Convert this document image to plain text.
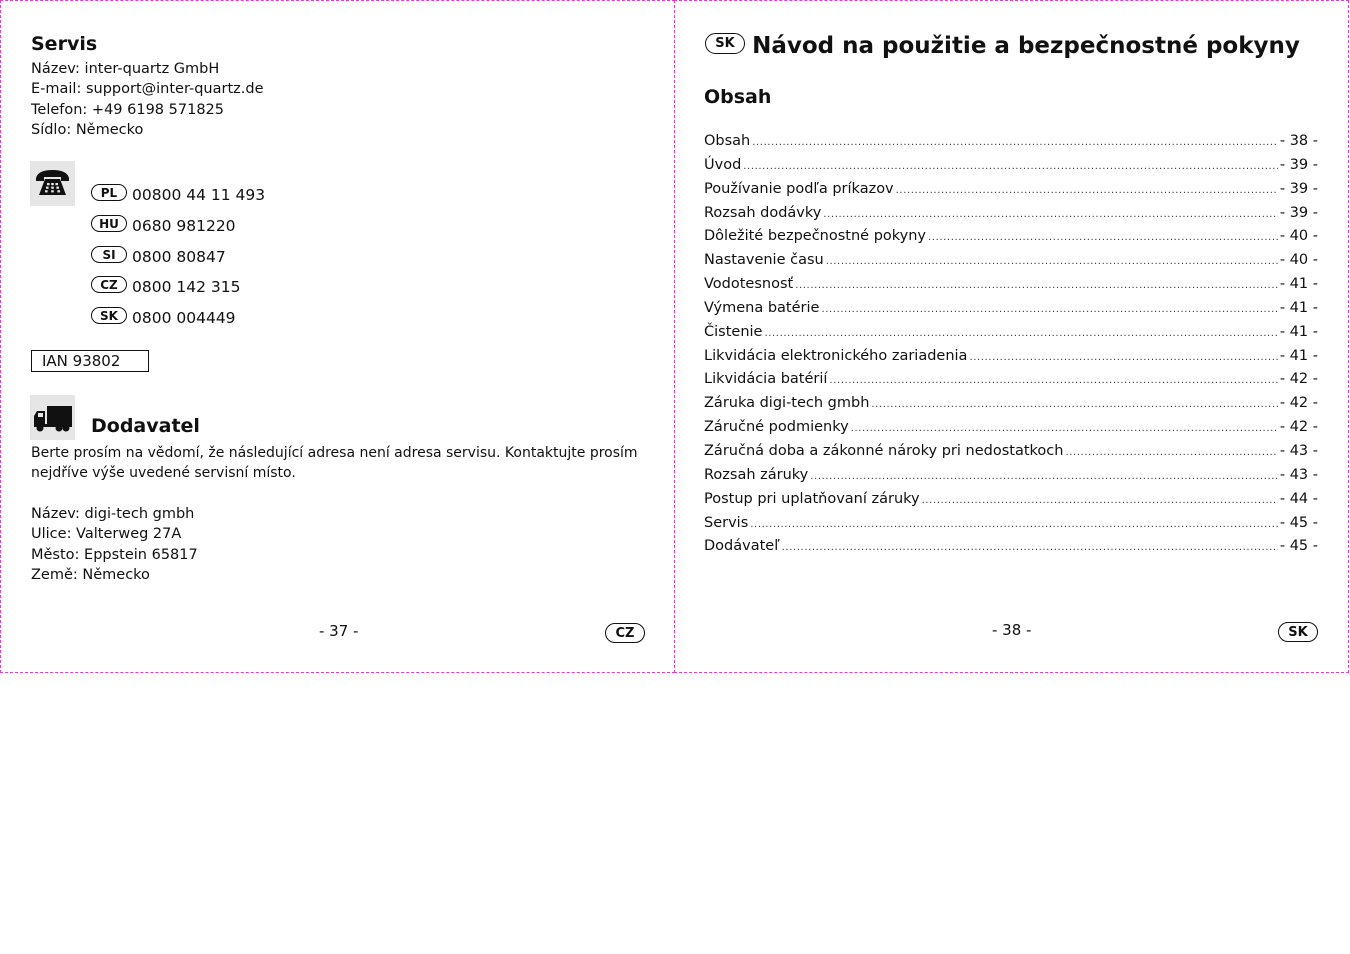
Servis
Název: inter-quartz GmbH
E-mail: support@inter-quartz.de
Telefon: +49 6198 571825
Sídlo: Německo
PL 00800 44 11 493
HU 0680 981220
SI 0800 80847
CZ 0800 142 315
SK 0800 004449
IAN 93802
Dodavatel
Berte prosím na vědomí, že následující adresa není adresa servisu. Kontaktujte prosím
nejdříve výše uvedené servisní místo.
Název: digi-tech gmbh
Ulice: Valterweg 27A
Město: Eppstein 65817
Země: Německo
- 37 -	CZ
SK Návod na použitie a bezpečnostné pokyny
Obsah
Obsah .....	- 38 -
Úvod .....	- 39 -
Používanie podľa príkazov .....	- 39 -
Rozsah dodávky .....	- 39 -
Dôležité bezpečnostné pokyny .....	- 40 -
Nastavenie času .....	- 40 -
Vodotesnosť .....	- 41 -
Výmena batérie .....	- 41 -
Čistenie .....	- 41 -
Likvidácia elektronického zariadenia .....	- 41 -
Likvidácia batérií .....	- 42 -
Záruka digi-tech gmbh .....	- 42 -
Záručné podmienky .....	- 42 -
Záručná doba a zákonné nároky pri nedostatkoch .....	- 43 -
Rozsah záruky .....	- 43 -
Postup pri uplatňovaní záruky .....	- 44 -
Servis .....	- 45 -
Dodávateľ .....	- 45 -
- 38 -	SK
